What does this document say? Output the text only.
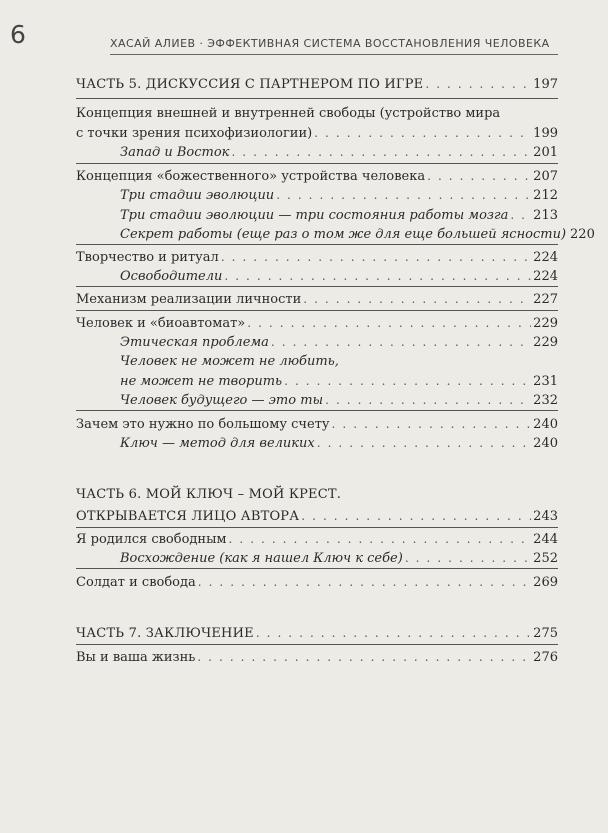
6	ХАСАЙ АЛИЕВ · ЭФФЕКТИВНАЯ СИСТЕМА ВОССТАНОВЛЕНИЯ ЧЕЛОВЕКА
ЧАСТЬ 5. ДИСКУССИЯ С ПАРТНЕРОМ ПО ИГРЕ . . .	197
Концепция внешней и внутренней свободы (устройство мира
с точки зрения психофизиологии) . . .	199
Запад и Восток . . .	201
Концепция «божественного» устройства человека . . .	207
Три стадии эволюции . . .	212
Три стадии эволюции — три состояния работы мозга . . . 213
Секрет работы (еще раз о том же для еще большей ясности) 220
Творчество и ритуал . . .	224
Освободители . . .	224
Механизм реализации личности . . .	227
Человек и «биоавтомат» . . .	229
Этическая проблема . . .	229
Человек не может не любить,
не может не творить . . .	231
Человек будущего — это ты . . .	232
Зачем это нужно по большому счету . . .	240
Ключ — метод для великих . . .	240
ЧАСТЬ 6. МОЙ КЛЮЧ – МОЙ КРЕСТ.
ОТКРЫВАЕТСЯ ЛИЦО АВТОРА . . .	243
Я родился свободным . . .	244
Восхождение (как я нашел Ключ к себе) . . .	252
Солдат и свобода . . .	269
ЧАСТЬ 7. ЗАКЛЮЧЕНИЕ . . .	275
Вы и ваша жизнь . . .	276
